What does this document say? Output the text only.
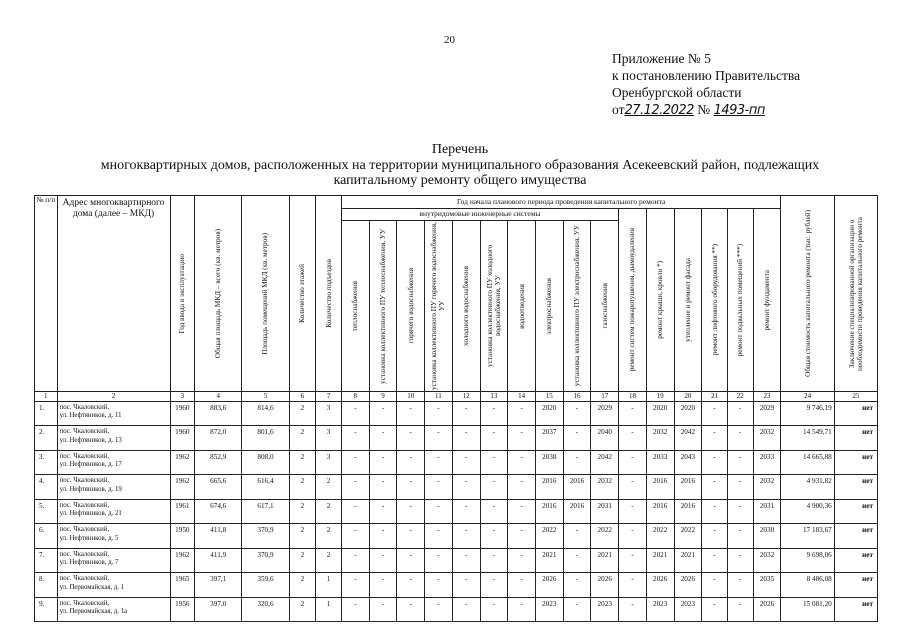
20
Приложение № 5
к постановлению Правительства
Оренбургской области
от27.12.2022 № 1493-пп
Перечень
многоквартирных домов, расположенных на территории муниципального образования Асекеевский район, подлежащих
капитальному ремонту общего имущества
№ п/п	Адрес многоквартирного дома (далее – МКД)	Год ввода в эксплуатацию	Общая площадь МКД – всего (кв. метров)	Площадь помещений МКД (кв. метров)	Количество этажей	Количество подъездов	Год начала планового периода проведения капитального ремонта																Общая стоимость капитального ремонта (тыс. рублей)	Заключение специализированной организации о необходимости проведения капитального ремонта

							внутридомовые инженерные системы										ремонт систем пожаротушения, дымоудаления	ремонт крыши, кровли *)	утепление и ремонт фасада	ремонт лифтового оборудования **)	ремонт подвальных помещений ***)	ремонт фундамента		

							теплоснабжения	установка коллективного ПУ теплоснабжения, УУ	горячего водоснабжения	установка коллективного ПУ горячего водоснабжения, УУ	холодного водоснабжения	установка коллективного ПУ холодного водоснабжения, УУ	водоотведения	электроснабжения	установка коллективного ПУ электроснабжения, УУ	газоснабжения								

1	2	3	4	5	6	7	8	9	10	11	12	13	14	15	16	17	18	19	20	21	22	23	24	25
1.	пос. Чкаловский,
ул. Нефтяников, д. 11	1960	883,6	814,6	2	3	-	-	-	-	-	-	-	2020	-	2029	-	2020	2020	-	-	2029	9 746,19	нет
2.	пос. Чкаловский,
ул. Нефтяников, д. 13	1960	872,0	801,6	2	3	-	-	-	-	-	-	-	2037	-	2040	-	2032	2042	-	-	2032	14 549,71	нет
3.	пос. Чкаловский,
ул. Нефтяников, д. 17	1962	852,9	808,0	2	3	-	-	-	-	-	-	-	2038	-	2042	-	2033	2043	-	-	2033	14 665,88	нет
4.	пос. Чкаловский,
ул. Нефтяников, д. 19	1962	665,6	616,4	2	2	-	-	-	-	-	-	-	2016	2016	2032	-	2016	2016	-	-	2032	4 931,82	нет
5.	пос. Чкаловский,
ул. Нефтяников, д. 21	1961	674,6	617,1	2	2	-	-	-	-	-	-	-	2016	2016	2031	-	2016	2016	-	-	2031	4 900,36	нет
6.	пос. Чкаловский,
ул. Нефтяников, д. 5	1950	411,8	370,9	2	2	-	-	-	-	-	-	-	2022	-	2022	-	2022	2022	-	-	2030	17 183,67	нет
7.	пос. Чкаловский,
ул. Нефтяников, д. 7	1962	411,9	370,9	2	2	-	-	-	-	-	-	-	2021	-	2021	-	2021	2021	-	-	2032	9 698,06	нет
8.	пос. Чкаловский,
ул. Первомайская, д. 1	1965	397,1	359,6	2	1	-	-	-	-	-	-	-	2026	-	2026	-	2026	2026	-	-	2035	8 486,08	нет
9.	пос. Чкаловский,
ул. Первомайская, д. 1а	1956	397,0	320,6	2	1	-	-	-	-	-	-	-	2023	-	2023	-	2023	2023	-	-	2026	15 081,20	нет
